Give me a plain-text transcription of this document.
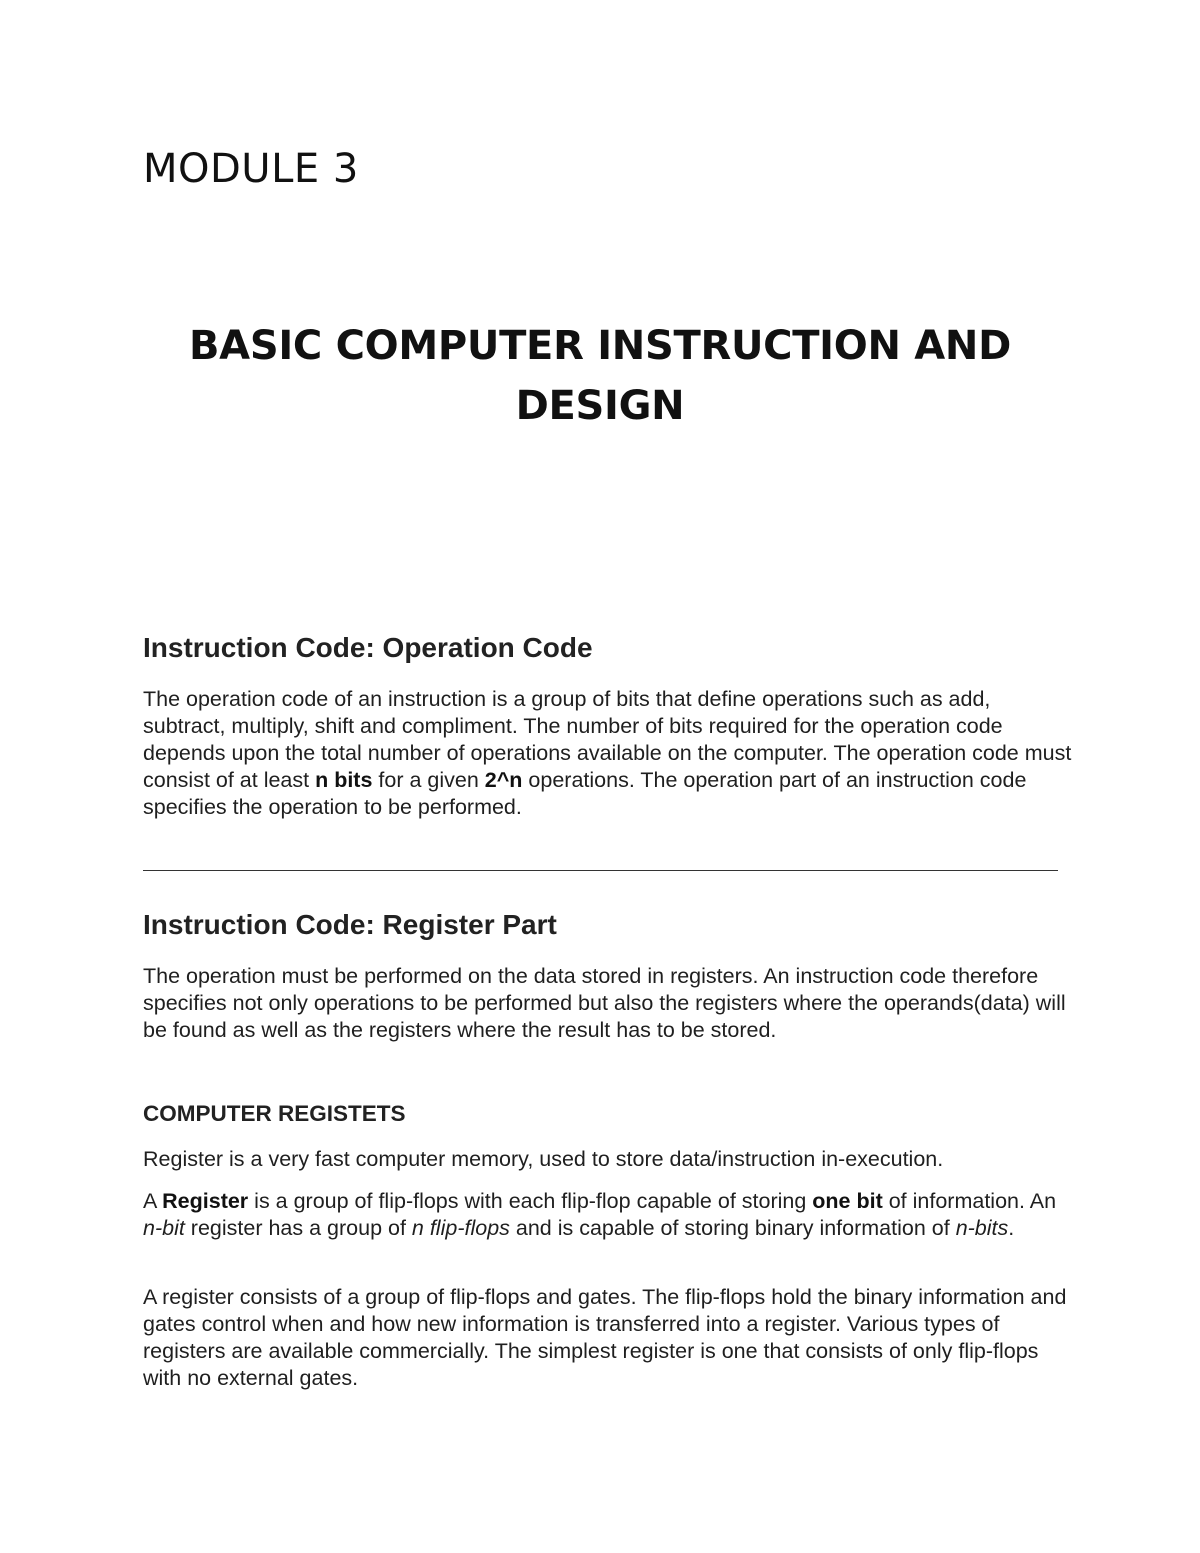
MODULE 3
BASIC COMPUTER INSTRUCTION AND
DESIGN
Instruction Code: Operation Code

The operation code of an instruction is a group of bits that define operations such as add, subtract, multiply, shift and compliment. The number of bits required for the operation code depends upon the total number of operations available on the computer. The operation code must consist of at least n bits for a given 2^n operations. The operation part of an instruction code specifies the operation to be performed.

Instruction Code: Register Part

The operation must be performed on the data stored in registers. An instruction code therefore specifies not only operations to be performed but also the registers where the operands(data) will be found as well as the registers where the result has to be stored.

COMPUTER REGISTETS

Register is a very fast computer memory, used to store data/instruction in-execution.

A Register is a group of flip-flops with each flip-flop capable of storing one bit of information. An n-bit register has a group of n flip-flops and is capable of storing binary information of n-bits.

A register consists of a group of flip-flops and gates. The flip-flops hold the binary information and gates control when and how new information is transferred into a register. Various types of registers are available commercially. The simplest register is one that consists of only flip-flops with no external gates.
